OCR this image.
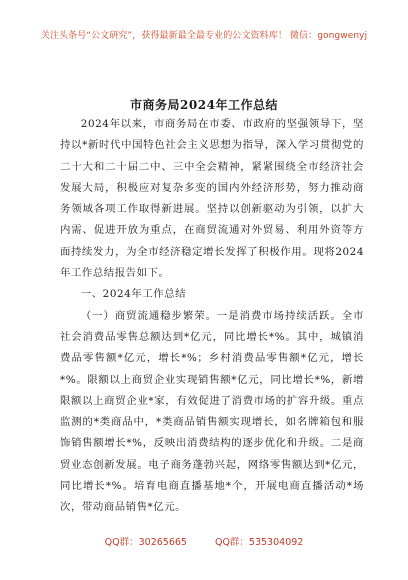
关注头条号“公文研究”，获得最新最全最专业的公文资料库！ 微信：gongwenyj
市商务局2024年工作总结

2024年以来，市商务局在市委、市政府的坚强领导下，坚持以*新时代中国特色社会主义思想为指导，深入学习贯彻党的二十大和二十届二中、三中全会精神，紧紧围绕全市经济社会发展大局，积极应对复杂多变的国内外经济形势，努力推动商务领域各项工作取得新进展。坚持以创新驱动为引领，以扩大内需、促进开放为重点，在商贸流通对外贸易、利用外资等方面持续发力，为全市经济稳定增长发挥了积极作用。现将2024年工作总结报告如下。

一、2024年工作总结

（一）商贸流通稳步繁荣。一是消费市场持续活跃。全市社会消费品零售总额达到*亿元，同比增长*%。其中，城镇消费品零售额*亿元，增长*%；乡村消费品零售额*亿元，增长*%。限额以上商贸企业实现销售额*亿元，同比增长*%，新增限额以上商贸企业*家，有效促进了消费市场的扩容升级。重点监测的*类商品中，*类商品销售额实现增长，如名牌箱包和服饰销售额增长*%，反映出消费结构的逐步优化和升级。二是商贸业态创新发展。电子商务蓬勃兴起，网络零售额达到*亿元，同比增长*%。培育电商直播基地*个，开展电商直播活动*场次，带动商品销售*亿元。

QQ群：30265665	QQ群：535304092
